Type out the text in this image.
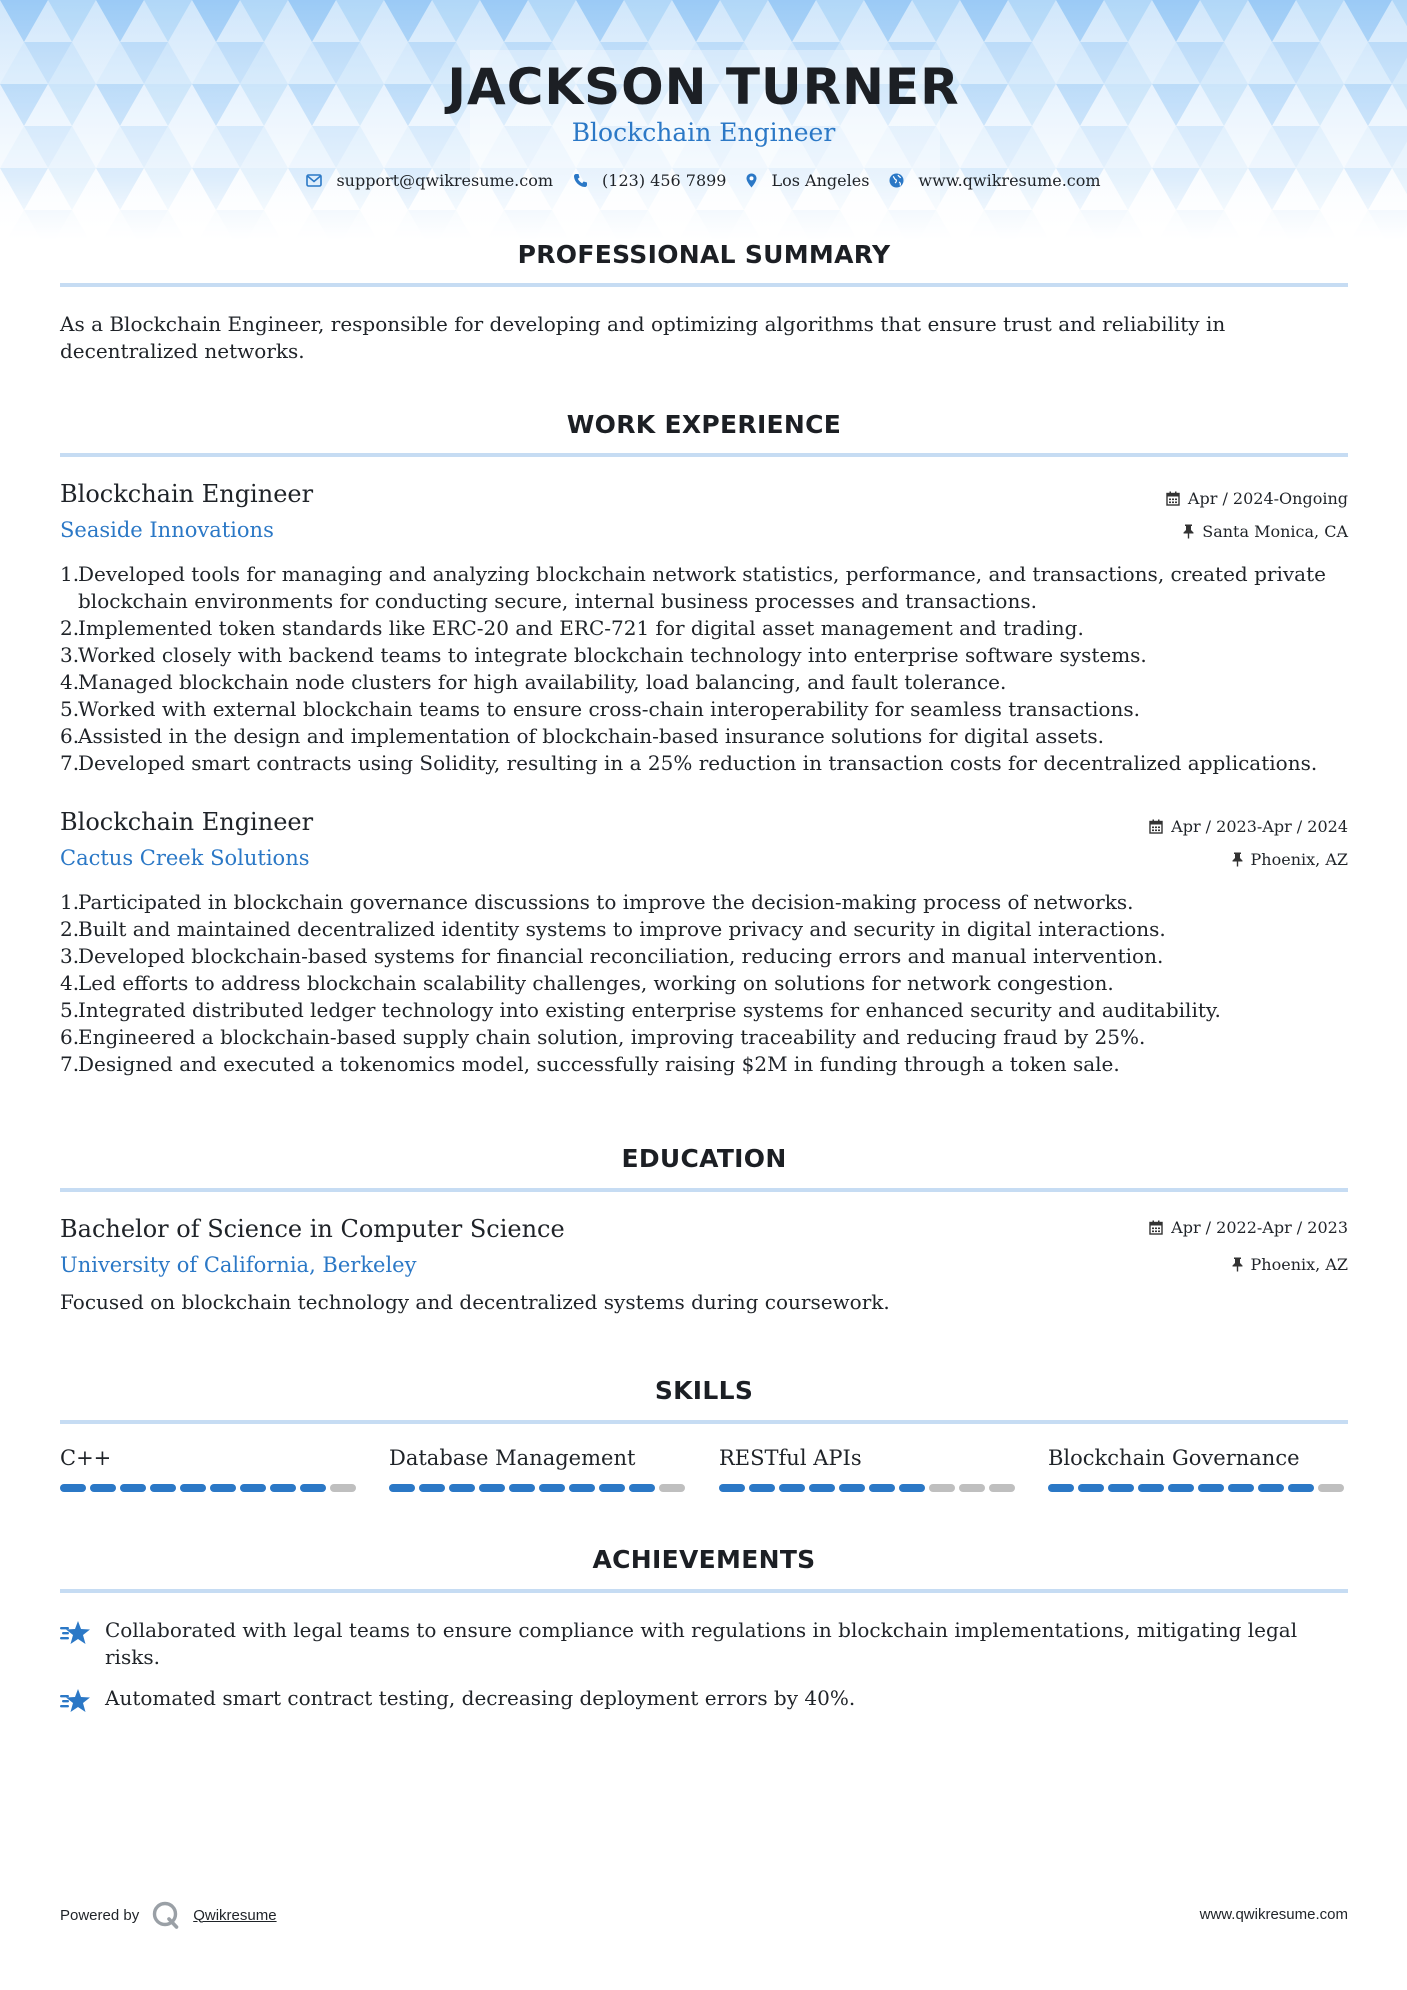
JACKSON TURNER
Blockchain Engineer
support@qwikresume.com	(123) 456 7899	Los Angeles	www.qwikresume.com
PROFESSIONAL SUMMARY
As a Blockchain Engineer, responsible for developing and optimizing algorithms that ensure trust and reliability in decentralized networks.
WORK EXPERIENCE
Blockchain Engineer	Apr / 2024-Ongoing
Seaside Innovations	Santa Monica, CA
1.
Developed tools for managing and analyzing blockchain network statistics, performance, and transactions, created private blockchain environments for conducting secure, internal business processes and transactions.
2.
Implemented token standards like ERC-20 and ERC-721 for digital asset management and trading.
3.
Worked closely with backend teams to integrate blockchain technology into enterprise software systems.
4.
Managed blockchain node clusters for high availability, load balancing, and fault tolerance.
5.
Worked with external blockchain teams to ensure cross-chain interoperability for seamless transactions.
6.
Assisted in the design and implementation of blockchain-based insurance solutions for digital assets.
7.
Developed smart contracts using Solidity, resulting in a 25% reduction in transaction costs for decentralized applications.
Blockchain Engineer	Apr / 2023-Apr / 2024
Cactus Creek Solutions	Phoenix, AZ
1.
Participated in blockchain governance discussions to improve the decision-making process of networks.
2.
Built and maintained decentralized identity systems to improve privacy and security in digital interactions.
3.
Developed blockchain-based systems for financial reconciliation, reducing errors and manual intervention.
4.
Led efforts to address blockchain scalability challenges, working on solutions for network congestion.
5.
Integrated distributed ledger technology into existing enterprise systems for enhanced security and auditability.
6.
Engineered a blockchain-based supply chain solution, improving traceability and reducing fraud by 25%.
7.
Designed and executed a tokenomics model, successfully raising $2M in funding through a token sale.
EDUCATION
Bachelor of Science in Computer Science	Apr / 2022-Apr / 2023
University of California, Berkeley	Phoenix, AZ
Focused on blockchain technology and decentralized systems during coursework.
SKILLS
C++	Database Management	RESTful APIs	Blockchain Governance
ACHIEVEMENTS
Collaborated with legal teams to ensure compliance with regulations in blockchain implementations, mitigating legal risks.
Automated smart contract testing, decreasing deployment errors by 40%.
Powered by	Qwikresume	www.qwikresume.com
